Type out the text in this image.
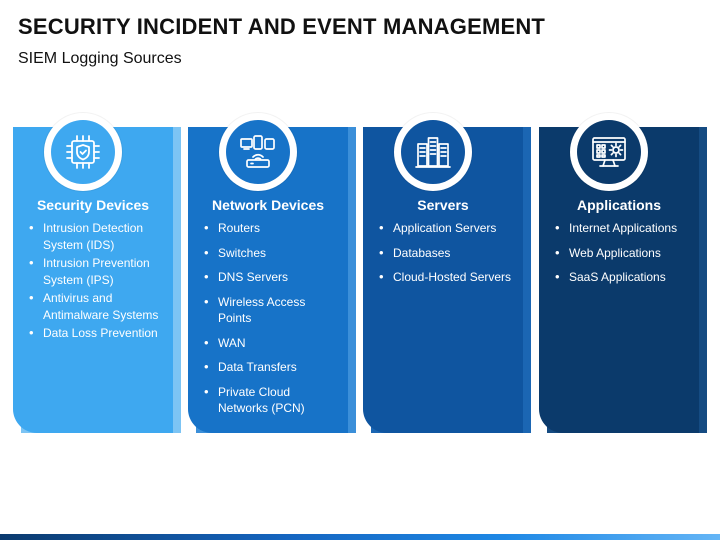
SECURITY INCIDENT AND EVENT MANAGEMENT
SIEM Logging Sources
Security Devices
• Intrusion Detection System (IDS)
• Intrusion Prevention System (IPS)
• Antivirus and Antimalware Systems
• Data Loss Prevention
Network Devices
• Routers
• Switches
• DNS Servers
• Wireless Access Points
• WAN
• Data Transfers
• Private Cloud Networks (PCN)
Servers
• Application Servers
• Databases
• Cloud-Hosted Servers
Applications
• Internet Applications
• Web Applications
• SaaS Applications
